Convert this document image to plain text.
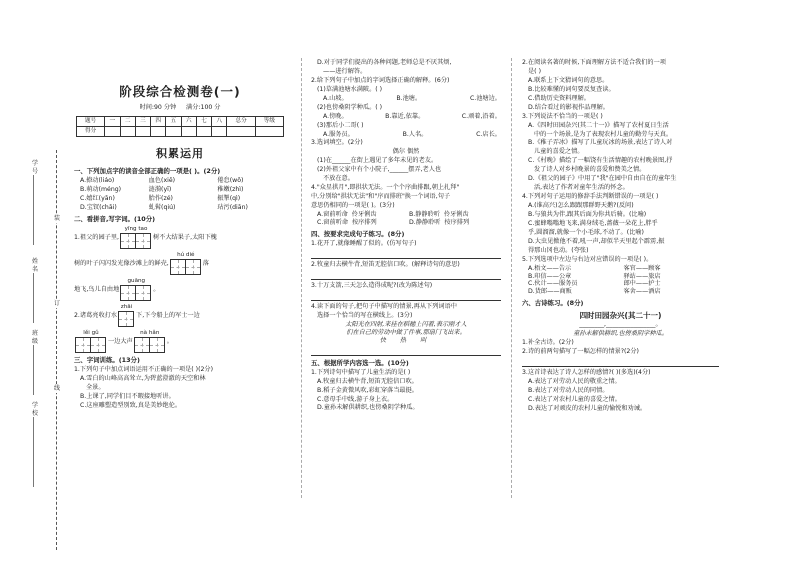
学号
姓名
班级
学校
装
订
线
阶段综合检测卷(一)
时间:90 分钟 满分:100 分
题号	一	二	三	四	五	六	七	八	总分	等级
得分										
积累运用
一、下列加点字的读音全部正确的一项是( )。(2分)
A.撩动(liáo)	血色(xiě)	倦怠(wō)
B.萌动(méng)	涟漪(yī)	稚嫩(zhì)
C.嬉红(yān)	胎作(zé)	振掣(qì)
D.宝钗(chāi)	虬髯(qiú)	玷污(diān)
二、看拼音,写字词。(10分)
1.祖父的园子里,
yīng tao
树不大结果子,太阳下槐
树的叶子闪闪发光像沙滩上的鲜壳,
hú dié
落
地飞,鸟儿自由地
guāng
。
2.诸葛亮收打水
zhāi
下,下令船上的军士一边
lěi gǔ
一边大声
nà hǎn
。
三、字词训练。(13分)
1.下列句子中加点词语运用不正确的一项是( )(2分)
A.雪白的山峰高高耸立,为碧蓝澄澈的天空和林
全景。
B.上课了,同学们目不暇接地听讲。
C.这座雕塑造型别致,真是美妙绝伦。
D.对于同学们提出的各种问题,老师总是不厌其烦,
——进行解答。
2.给下列句子中加点的字词选择正确的解释。(6分)
(1)草满池塘水满陂。( )
A.山坡。	B.池塘。	C.池塘边。
(2)也傍桑阴学种瓜。( )
A.傍晚。	B.靠近,依靠。	C.顽着,沿着。
(3)那后小二哥( )
A.服务员。	B.人名。	C.店长。
3.选词填空。(2分)
偶尔 偶然
(1)在______在街上遇见了多年未见的老友。
(2)外祖父家中有个小院子,______摆弄,老人也
不放在意。
4."众星拱月",即拱状无法。一个个序曲排跟,朝上扎拜"
中,分别给"拱状无法"和"序而排班"换一个词语,句子
意思仍相同的一项是( )。(3分)
A.窗前听命 伶牙俐齿	B.静静聆听 伶牙俐齿
C.窗前听命 按序排列	D.静静聆听 按序排列
四、按要求完成句子练习。(8分)
1.花开了,就像睡醒了似的。(仿写句子)
2.牧童归去横牛背,短笛无腔信口吹。(解释诗句的意思)
3.十万支箭,三天怎么造得成呢?(改为陈述句)
4.读下面的句子,把句子中描写的情景,再从下列词语中
选择一个恰当的写在横线上。(3分)
太阳光在四射,来挂在稻穗上闪着,表示刚才人
们在自己的劳动中做了件事,那扇门飞出来。
快 热 叫
五、根据所学内容选一选。(10分)
1.下列诗句中描写了儿童生活的是( )
A.牧童归去横牛背,短笛无腔信口吹。
B.稻子金黄微风吹,彩虹穿落当最挺。
C.意母手中线,游子身上衣。
D.童孙未解供耕织,也傍桑阴学种瓜。
2.在阅读名著的时候,下面理解方法不适合我们的一项
是( )
A.联系上下文猜词句的意思。
B.比较难懂的词句要反复查读。
C.借助历史资料理解。
D.结合看过的影视作品理解。
3.下列说法不恰当的一项是( )
A.《四时田园杂兴(其二十一)》描写了农村夏日生活
中的一个场景,是为了表现农村儿童的勤劳与天真。
B.《稚子弄冰》描写了儿童玩冰的场景,表达了诗人对
儿童的喜爱之情。
C.《村晚》描绘了一幅饶有生活情趣的农村晚景图,抒
发了诗人对乡村晚景的喜爱和赞美之情。
D.《祖父的园子》中用了"我"在园中自由自在的童年生
活,表达了作者对童年生活的怀念。
4.下列对句子运用的修辞手法判断错误的一项是( )
A.(谁高兴)怎么跟跟那群野天鹅?(反问)
B.与狼共为伴,跟其后面为你共后骑。(比喻)
C.蜜蜂嗡嗡地飞来,满身绒毛,蔷薇一朵花上,胖乎
乎,圆溜溜,就像一个小毛球,不动了。(比喻)
D.大虫见掀他不着,吼一声,却似半天里起个霹雳,振
得那山冈也动。(夸张)
5.下列选项中左边与右边对应错误的一项是( )。
A.梧文——告示	客官——顾客
B.印信——公章	驿站——旅店
C.伙计——服务员	郎中——护士
D.货郎——商贩	客舍——酒店
六、古诗练习。(8分)
四时田园杂兴(其二十一)
________,________________。
童孙未解供耕织,也傍桑阴学种瓜。
1.补全古诗。(2分)
2.诗的前两句描写了一幅怎样的情景?(2分)
3.这首诗表达了诗人怎样的感情?( )(多选)(4分)
A.表达了对劳动人民的敬重之情。
B.表达了对劳动人民的同情。
C.表达了对农村儿童的喜爱之情。
D.表达了对顽皮的农村儿童的愉悦和劝诫。
